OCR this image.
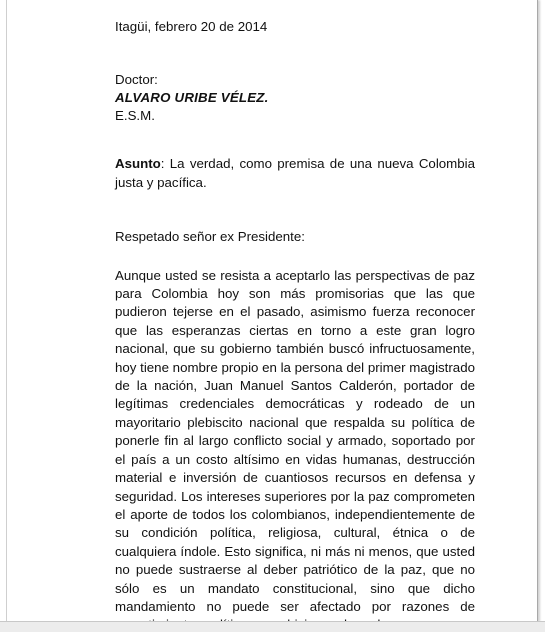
Itagüi, febrero 20 de 2014

Doctor:
ALVARO URIBE VÉLEZ.
E.S.M.

Asunto: La verdad, como premisa de una nueva Colombia justa y pacífica.

Respetado señor ex Presidente:

Aunque usted se resista a aceptarlo las perspectivas de paz para Colombia hoy son más promisorias que las que pudieron tejerse en el pasado, asimismo fuerza reconocer que las esperanzas ciertas en torno a este gran logro nacional, que su gobierno también buscó infructuosamente, hoy tiene nombre propio en la persona del primer magistrado de la nación, Juan Manuel Santos Calderón, portador de legítimas credenciales democráticas y rodeado de un mayoritario plebiscito nacional que respalda su política de ponerle fin al largo conflicto social y armado, soportado por el país a un costo altísimo en vidas humanas, destrucción material e inversión de cuantiosos recursos en defensa y seguridad. Los intereses superiores por la paz comprometen el aporte de todos los colombianos, independientemente de su condición política, religiosa, cultural, étnica o de cualquiera índole. Esto significa, ni más ni menos, que usted no puede sustraerse al deber patriótico de la paz, que no sólo es un mandato constitucional, sino que dicho mandamiento no puede ser afectado por razones de
